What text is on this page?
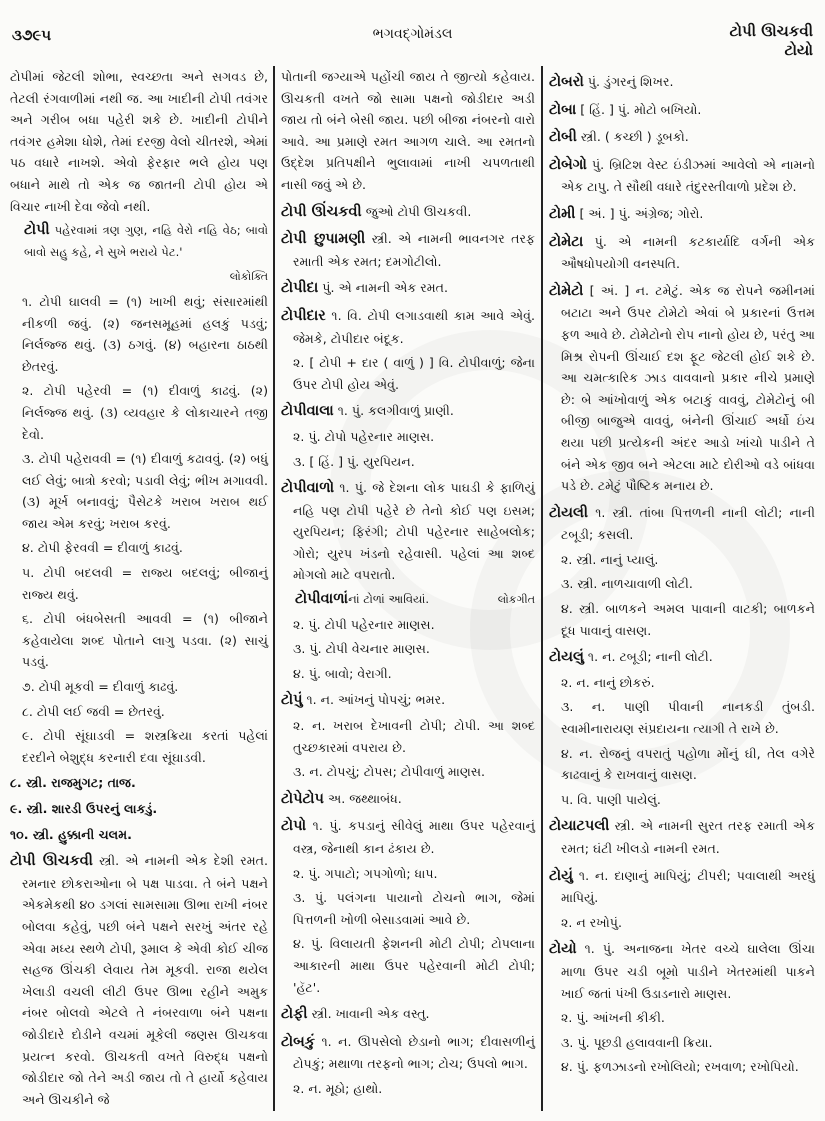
૩૭૯૫	ભગવદ્ગોમંડલ	ટોપી ઊચકવી
ટોયો

ટોપીમાં જેટલી શોભા, સ્વચ્છતા અને સગવડ છે, તેટલી રંગવાળીમાં નથી જ. આ ખાદીની ટોપી તવંગર અને ગરીબ બધા પહેરી શકે છે. ખાદીની ટોપીને તવંગર હમેશા ધોશે, તેમાં દરજી વેલો ચીતરશે, એમાં પઠ વધારે નાખશે. એવો ફેરફાર ભલે હોય પણ બધાને માથે તો એક જ જાતની ટોપી હોય એ વિચાર નાખી દેવા જેવો નથી.

ટોપી પહેરવામાં ત્રણ ગુણ, નહિ વેરો નહિ વેઠ; બાવો બાવો સહુ કહે, ને સુખે ભરાયે પેટ.'

લોકોક્તિ

૧. ટોપી ઘાલવી = (૧) ખાખી થવું; સંસારમાંથી નીકળી જવું. (૨) જનસમૂહમાં હલકું પડવું; નિર્લજ્જ થવું. (૩) ઠગવું. (૪) બહારના ઠાઠથી છેતરવું.

૨. ટોપી પહેરવી = (૧) દીવાળું કાઢવું. (૨) નિર્લજ્જ થવું. (૩) વ્યવહાર કે લોકાચારને તજી દેવો.

૩. ટોપી પહેરાવવી = (૧) દીવાળું કઢાવવું. (૨) બધું લઈ લેવું; બાત્રો કરવો; પડાવી લેવું; ભીખ મગાવવી. (૩) મૂર્ખ બનાવવું; પૈસેટકે ખરાબ ખરાબ થઈ જાય એમ કરવું; ખરાબ કરવું.

૪. ટોપી ફેરવવી = દીવાળું કાઢવું.

૫. ટોપી બદલવી = રાજ્ય બદલવું; બીજાનું રાજ્ય થવું.

૬. ટોપી બંધબેસતી આવવી = (૧) બીજાને કહેવાયેલા શબ્દ પોતાને લાગુ પડવા. (૨) સાચું પડવું.

૭. ટોપી મૂકવી = દીવાળું કાઢવું.

૮. ટોપી લઈ જવી = છેતરવું.

૯. ટોપી સૂંઘાડવી = શસ્ત્રક્રિયા કરતાં પહેલાં દરદીને બેશુદ્ધ કરનારી દવા સૂંઘાડવી.

૮. સ્ત્રી. રાજમુગટ; તાજ.

૯. સ્ત્રી. શારડી ઉપરનું લાકડું.

૧૦. સ્ત્રી. હુક્કાની ચલમ.

ટોપી ઊચકવી સ્ત્રી. એ નામની એક દેશી રમત. રમનાર છોકરાઓના બે પક્ષ પાડવા. તે બંને પક્ષને એકમેકથી ૪૦ ડગલાં સામસામા ઊભા રાખી નંબર બોલવા કહેવું, પછી બંને પક્ષને સરખું અંતર રહે એવા મધ્ય સ્થળે ટોપી, રૂમાલ કે એવી કોઈ ચીજ સહજ ઊંચકી લેવાય તેમ મૂકવી. રાજા થયેલ ખેલાડી વચલી લીટી ઉપર ઊભા રહીને અમુક નંબર બોલવો એટલે તે નંબરવાળા બંને પક્ષના જોડીદારે દોડીને વચમાં મૂકેલી જણસ ઊચકવા પ્રયત્ન કરવો. ઊચકતી વખતે વિરુદ્ધ પક્ષનો જોડીદાર જો તેને અડી જાય તો તે હાર્યો કહેવાય અને ઊચકીને જે

પોતાની જગ્યાએ પહોંચી જાય તે જીત્યો કહેવાય. ઊચકતી વખતે જો સામા પક્ષનો જોડીદાર અડી જાય તો બંને બેસી જાય. પછી બીજા નંબરનો વારો આવે. આ પ્રમાણે રમત આગળ ચાલે. આ રમતનો ઉદ્દેશ પ્રતિપક્ષીને ભુલાવામાં નાખી ચપળતાથી નાસી જવું એ છે.

ટોપી ઊંચકવી જુઓ ટોપી ઊચકવી.

ટોપી છુપામણી સ્ત્રી. એ નામની ભાવનગર તરફ રમાતી એક રમત; દમગોટીલો.

ટોપીદા પું. એ નામની એક રમત.

ટોપીદાર ૧. વિ. ટોપી લગાડવાથી કામ આવે એવું. જેમકે, ટોપીદાર બંદૂક.

૨. [ ટોપી + દાર ( વાળું ) ] વિ. ટોપીવાળું; જેના ઉપર ટોપી હોય એવું.

ટોપીવાલા ૧. પું. કલગીવાળું પ્રાણી.

૨. પું. ટોપો પહેરનાર માણસ.

૩. [ હિં. ] પું. યુરપિયન.

ટોપીવાળો ૧. પું. જે દેશના લોક પાઘડી કે ફાળિયું નહિ પણ ટોપી પહેરે છે તેનો કોઈ પણ ઇસમ; યુરપિયન; ફિરંગી; ટોપી પહેરનાર સાહેબલોક; ગોરો; યુરપ ખંડનો રહેવાસી. પહેલાં આ શબ્દ મોગલો માટે વપરાતો.

લોકગીત
ટોપીવાળાંનાં ટોળાં આવિયાં.

૨. પું. ટોપી પહેરનાર માણસ.

૩. પું. ટોપી વેચનાર માણસ.

૪. પું. બાવો; વેરાગી.

ટોપું ૧. ન. આંખનું પોપચું; ભમર.

૨. ન. ખરાબ દેખાવની ટોપી; ટોપી. આ શબ્દ તુચ્છકારમાં વપરાય છે.

૩. ન. ટોપચું; ટોપસ; ટોપીવાળું માણસ.

ટોપેટોપ અ. જથ્થાબંધ.

ટોપો ૧. પું. કપડાનું સીવેલું માથા ઉપર પહેરવાનું વસ્ત્ર, જેનાથી કાન ઢંકાય છે.

૨. પું. ગપાટો; ગપગોળો; ધાપ.

૩. પું. પલંગના પાયાનો ટોચનો ભાગ, જેમાં પિત્તળની ખોળી બેસાડવામાં આવે છે.

૪. પું. વિલાયતી ફેશનની મોટી ટોપી; ટોપલાના આકારની માથા ઉપર પહેરવાની મોટી ટોપી; 'હૅટ'.

ટોફી સ્ત્રી. ખાવાની એક વસ્તુ.

ટોબકું ૧. ન. ઊપસેલો છેડાનો ભાગ; દીવાસળીનું ટોપકું; મથાળા તરફનો ભાગ; ટોચ; ઉપલો ભાગ.

૨. ન. મૂઠો; હાથો.

ટોબરો પું. ડુંગરનું શિખર.

ટોબા [ હિં. ] પું. મોટો બખિયો.

ટોબી સ્ત્રી. ( કચ્છી ) ડૂબકો.

ટોબેગો પું. બ્રિટિશ વેસ્ટ ઇંડીઝમાં આવેલો એ નામનો એક ટાપુ. તે સૌથી વધારે તંદુરસ્તીવાળો પ્રદેશ છે.

ટોમી [ અં. ] પું. અંગ્રેજ; ગોરો.

ટોમેટા પું. એ નામની કટકાર્યાદિ વર્ગની એક ઔષધોપયોગી વનસ્પતિ.

ટોમેટો [ અં. ] ન. ટમેટું. એક જ રોપને જમીનમાં બટાટા અને ઉપર ટોમેટો એવાં બે પ્રકારનાં ઉત્તમ ફળ આવે છે. ટોમેટોનો રોપ નાનો હોય છે, પરંતુ આ મિશ્ર રોપની ઊંચાઈ દશ ફૂટ જેટલી હોઈ શકે છે. આ ચમત્કારિક ઝાડ વાવવાનો પ્રકાર નીચે પ્રમાણે છે: બે આંખોવાળું એક બટાકું વાવવું, ટોમેટોનું બી બીજી બાજુએ વાવવું, બંનેની ઊંચાઈ અર્ધો ઇંચ થયા પછી પ્રત્યેકની અંદર આડો ખાંચો પાડીને તે બંને એક જીવ બને એટલા માટે દોરીઓ વડે બાંધવા પડે છે. ટમેટું પૌષ્ટિક મનાય છે.

ટોયલી ૧. સ્ત્રી. તાંબા પિત્તળની નાની લોટી; નાની ટબૂડી; કસલી.

૨. સ્ત્રી. નાનું પ્યાલું.

૩. સ્ત્રી. નાળચાવાળી લોટી.

૪. સ્ત્રી. બાળકને અમલ પાવાની વાટકી; બાળકને દૂધ પાવાનું વાસણ.

ટોયલું ૧. ન. ટબૂડી; નાની લોટી.

૨. ન. નાનું છોકરું.

૩. ન. પાણી પીવાની નાનકડી તુંબડી. સ્વામીનારાયણ સંપ્રદાયના ત્યાગી તે રાખે છે.

૪. ન. રોજનું વપરાતું પહોળા મોંનું ઘી, તેલ વગેરે કાઢવાનું કે રાખવાનું વાસણ.

૫. વિ. પાણી પાયેલું.

ટોયાટપલી સ્ત્રી. એ નામની સુરત તરફ રમાતી એક રમત; ઘંટી ખીલડો નામની રમત.

ટોયું ૧. ન. દાણાનું માપિયું; ટીપરી; પવાલાથી અરધું માપિયું.

૨. ન રખોપું.

ટોયો ૧. પું. અનાજના ખેતર વચ્ચે ઘાલેલા ઊંચા માળા ઉપર ચડી બૂમો પાડીને ખેતરમાંથી પાકને ખાઈ જતાં પંખી ઉડાડનારો માણસ.

૨. પું. આંખની કીકી.

૩. પું. પૂછડી હલાવવાની ક્રિયા.

૪. પું. ફળઝાડનો રખોલિયો; રખવાળ; રખોપિયો.
